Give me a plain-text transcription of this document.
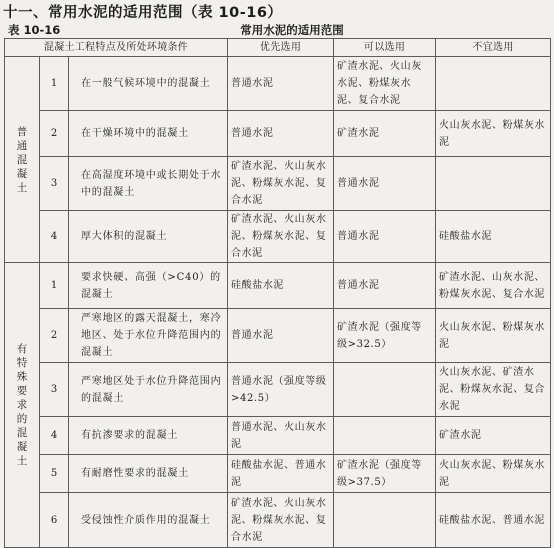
十一、常用水泥的适用范围（表 10-16）
表 10-16	常用水泥的适用范围
混凝土工程特点及所处环境条件			优先选用	可以选用	不宜选用

普通混凝土	1	在一般气候环境中的混凝土	普通水泥	矿渣水泥、火山灰水泥、粉煤灰水泥、复合水泥	
	2	在干燥环境中的混凝土	普通水泥	矿渣水泥	火山灰水泥、粉煤灰水泥
	3	在高湿度环境中或长期处于水中的混凝土	矿渣水泥、火山灰水泥、粉煤灰水泥、复合水泥	普通水泥	
	4	厚大体积的混凝土	矿渣水泥、火山灰水泥、粉煤灰水泥、复合水泥	普通水泥	硅酸盐水泥

有特殊要求的混凝土	1	要求快硬、高强（>C40）的混凝土	硅酸盐水泥	普通水泥	矿渣水泥、山灰水泥、粉煤灰水泥、复合水泥
	2	严寒地区的露天混凝土，寒冷地区、处于水位升降范围内的混凝土	普通水泥	矿渣水泥（强度等级>32.5）	火山灰水泥、粉煤灰水泥
	3	严寒地区处于水位升降范围内的混凝土	普通水泥（强度等级>42.5）		火山灰水泥、矿渣水泥、粉煤灰水泥、复合水泥
	4	有抗渗要求的混凝土	普通水泥、火山灰水泥		矿渣水泥
	5	有耐磨性要求的混凝土	硅酸盐水泥、普通水泥	矿渣水泥（强度等级>37.5）	火山灰水泥、粉煤灰水泥
	6	受侵蚀性介质作用的混凝土	矿渣水泥、火山灰水泥、粉煤灰水泥、复合水泥		硅酸盐水泥、普通水泥
